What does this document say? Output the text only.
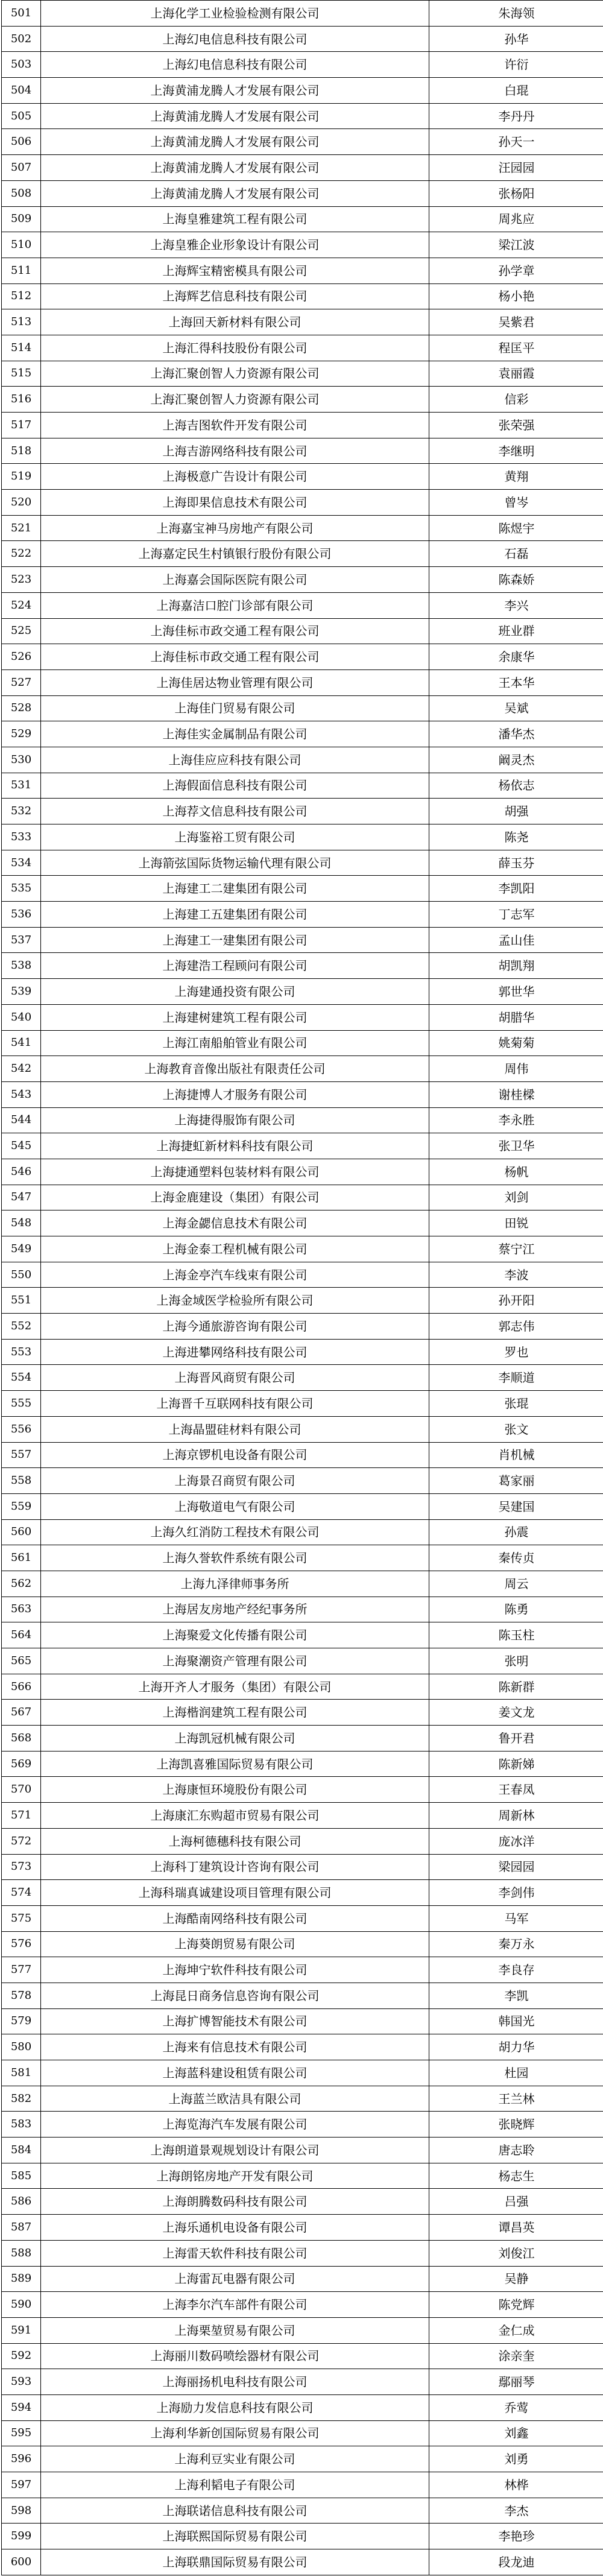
501	上海化学工业检验检测有限公司	朱海领
502	上海幻电信息科技有限公司	孙华
503	上海幻电信息科技有限公司	许衍
504	上海黄浦龙腾人才发展有限公司	白琨
505	上海黄浦龙腾人才发展有限公司	李丹丹
506	上海黄浦龙腾人才发展有限公司	孙天一
507	上海黄浦龙腾人才发展有限公司	汪园园
508	上海黄浦龙腾人才发展有限公司	张杨阳
509	上海皇雅建筑工程有限公司	周兆应
510	上海皇雅企业形象设计有限公司	梁江波
511	上海辉宝精密模具有限公司	孙学章
512	上海辉艺信息科技有限公司	杨小艳
513	上海回天新材料有限公司	吴紫君
514	上海汇得科技股份有限公司	程匡平
515	上海汇聚创智人力资源有限公司	袁丽霞
516	上海汇聚创智人力资源有限公司	信彩
517	上海吉图软件开发有限公司	张荣强
518	上海吉游网络科技有限公司	李继明
519	上海极意广告设计有限公司	黄翔
520	上海即果信息技术有限公司	曾岑
521	上海嘉宝神马房地产有限公司	陈煜宇
522	上海嘉定民生村镇银行股份有限公司	石磊
523	上海嘉会国际医院有限公司	陈森娇
524	上海嘉洁口腔门诊部有限公司	李兴
525	上海佳标市政交通工程有限公司	班业群
526	上海佳标市政交通工程有限公司	余康华
527	上海佳居达物业管理有限公司	王本华
528	上海佳门贸易有限公司	吴斌
529	上海佳实金属制品有限公司	潘华杰
530	上海佳应应科技有限公司	阚灵杰
531	上海假面信息科技有限公司	杨依志
532	上海荐文信息科技有限公司	胡强
533	上海鉴裕工贸有限公司	陈尧
534	上海箭弦国际货物运输代理有限公司	薛玉芬
535	上海建工二建集团有限公司	李凯阳
536	上海建工五建集团有限公司	丁志军
537	上海建工一建集团有限公司	孟山佳
538	上海建浩工程顾问有限公司	胡凯翔
539	上海建通投资有限公司	郭世华
540	上海建树建筑工程有限公司	胡腊华
541	上海江南船舶管业有限公司	姚菊菊
542	上海教育音像出版社有限责任公司	周伟
543	上海捷博人才服务有限公司	谢桂樑
544	上海捷得服饰有限公司	李永胜
545	上海捷虹新材料科技有限公司	张卫华
546	上海捷通塑料包装材料有限公司	杨帆
547	上海金鹿建设（集团）有限公司	刘剑
548	上海金勰信息技术有限公司	田锐
549	上海金泰工程机械有限公司	蔡宁江
550	上海金亭汽车线束有限公司	李波
551	上海金域医学检验所有限公司	孙开阳
552	上海今通旅游咨询有限公司	郭志伟
553	上海进攀网络科技有限公司	罗也
554	上海晋风商贸有限公司	李顺道
555	上海晋千互联网科技有限公司	张琨
556	上海晶盟硅材料有限公司	张文
557	上海京锣机电设备有限公司	肖机械
558	上海景召商贸有限公司	葛家丽
559	上海敬道电气有限公司	吴建国
560	上海久红消防工程技术有限公司	孙震
561	上海久誉软件系统有限公司	秦传贞
562	上海九泽律师事务所	周云
563	上海居友房地产经纪事务所	陈勇
564	上海聚爱文化传播有限公司	陈玉柱
565	上海聚潮资产管理有限公司	张明
566	上海开齐人才服务（集团）有限公司	陈新群
567	上海楷润建筑工程有限公司	姜文龙
568	上海凯冠机械有限公司	鲁开君
569	上海凯喜雅国际贸易有限公司	陈新娣
570	上海康恒环境股份有限公司	王春凤
571	上海康汇东购超市贸易有限公司	周新林
572	上海柯德穗科技有限公司	庞冰洋
573	上海科丁建筑设计咨询有限公司	梁园园
574	上海科瑞真诚建设项目管理有限公司	李剑伟
575	上海酷南网络科技有限公司	马军
576	上海葵朗贸易有限公司	秦万永
577	上海坤宁软件科技有限公司	李良存
578	上海昆日商务信息咨询有限公司	李凯
579	上海扩博智能技术有限公司	韩国光
580	上海来有信息技术有限公司	胡力华
581	上海蓝科建设租赁有限公司	杜园
582	上海蓝兰欧洁具有限公司	王兰林
583	上海览海汽车发展有限公司	张晓辉
584	上海朗道景观规划设计有限公司	唐志聆
585	上海朗铭房地产开发有限公司	杨志生
586	上海朗腾数码科技有限公司	吕强
587	上海乐通机电设备有限公司	谭昌英
588	上海雷天软件科技有限公司	刘俊江
589	上海雷瓦电器有限公司	吴静
590	上海李尔汽车部件有限公司	陈党辉
591	上海栗堃贸易有限公司	金仁成
592	上海丽川数码喷绘器材有限公司	涂亲奎
593	上海丽扬机电科技有限公司	鄢丽琴
594	上海励力发信息科技有限公司	乔莺
595	上海利华新创国际贸易有限公司	刘鑫
596	上海利豆实业有限公司	刘勇
597	上海利韬电子有限公司	林桦
598	上海联诺信息科技有限公司	李杰
599	上海联熙国际贸易有限公司	李艳珍
600	上海联鼎国际贸易有限公司	段龙迪
